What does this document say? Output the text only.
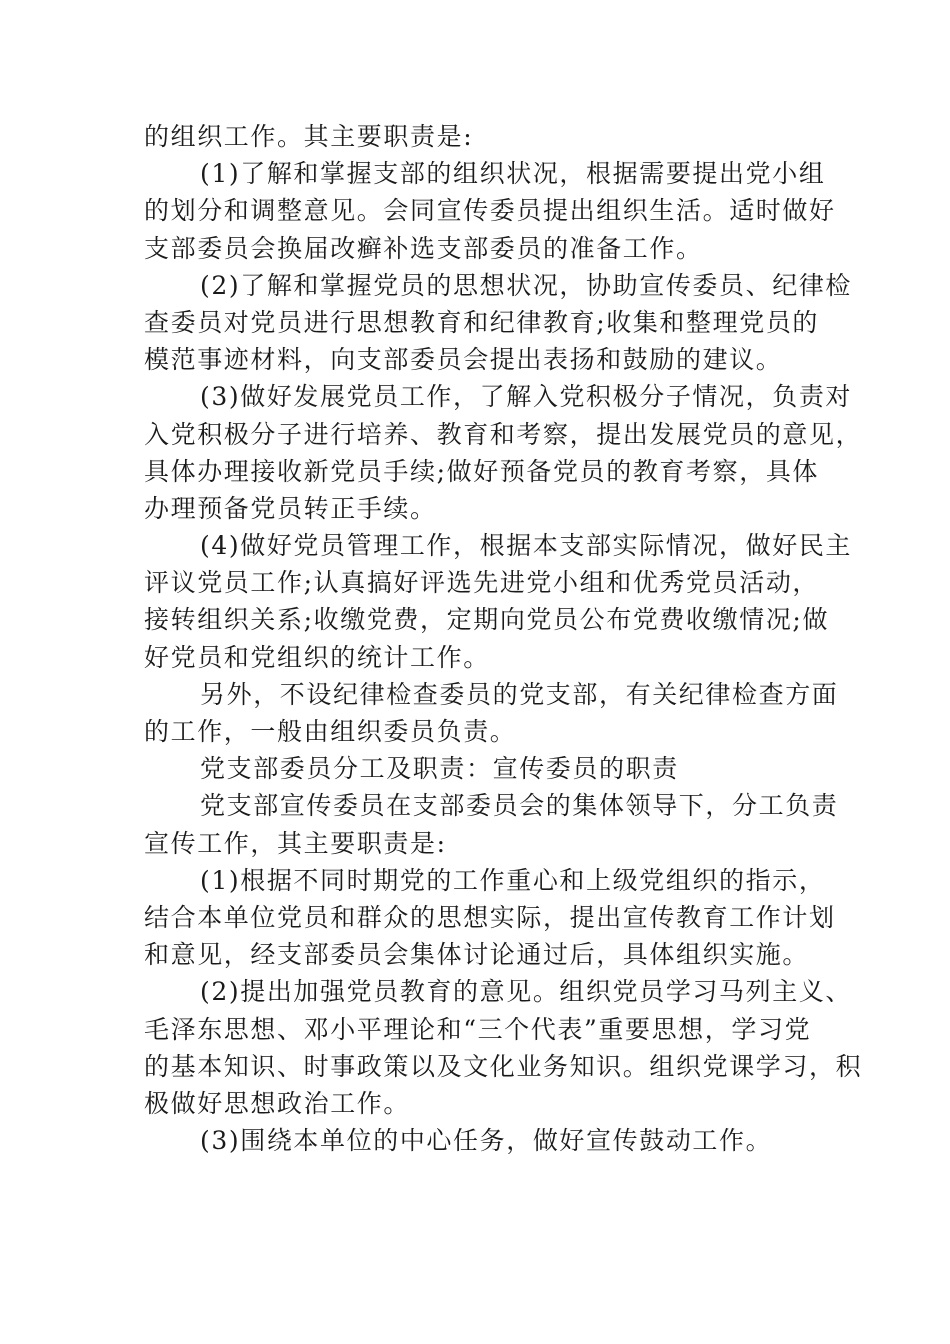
的组织工作。其主要职责是:
(1)了解和掌握支部的组织状况，根据需要提出党小组
的划分和调整意见。会同宣传委员提出组织生活。适时做好
支部委员会换届改癣补选支部委员的准备工作。
(2)了解和掌握党员的思想状况，协助宣传委员、纪律检
查委员对党员进行思想教育和纪律教育;收集和整理党员的
模范事迹材料，向支部委员会提出表扬和鼓励的建议。
(3)做好发展党员工作，了解入党积极分子情况，负责对
入党积极分子进行培养、教育和考察，提出发展党员的意见，
具体办理接收新党员手续;做好预备党员的教育考察，具体
办理预备党员转正手续。
(4)做好党员管理工作，根据本支部实际情况，做好民主
评议党员工作;认真搞好评选先进党小组和优秀党员活动，
接转组织关系;收缴党费，定期向党员公布党费收缴情况;做
好党员和党组织的统计工作。
另外，不设纪律检查委员的党支部，有关纪律检查方面
的工作，一般由组织委员负责。
党支部委员分工及职责：宣传委员的职责
党支部宣传委员在支部委员会的集体领导下，分工负责
宣传工作，其主要职责是:
(1)根据不同时期党的工作重心和上级党组织的指示，
结合本单位党员和群众的思想实际，提出宣传教育工作计划
和意见，经支部委员会集体讨论通过后，具体组织实施。
(2)提出加强党员教育的意见。组织党员学习马列主义、
毛泽东思想、邓小平理论和“三个代表”重要思想，学习党
的基本知识、时事政策以及文化业务知识。组织党课学习，积
极做好思想政治工作。
(3)围绕本单位的中心任务，做好宣传鼓动工作。
